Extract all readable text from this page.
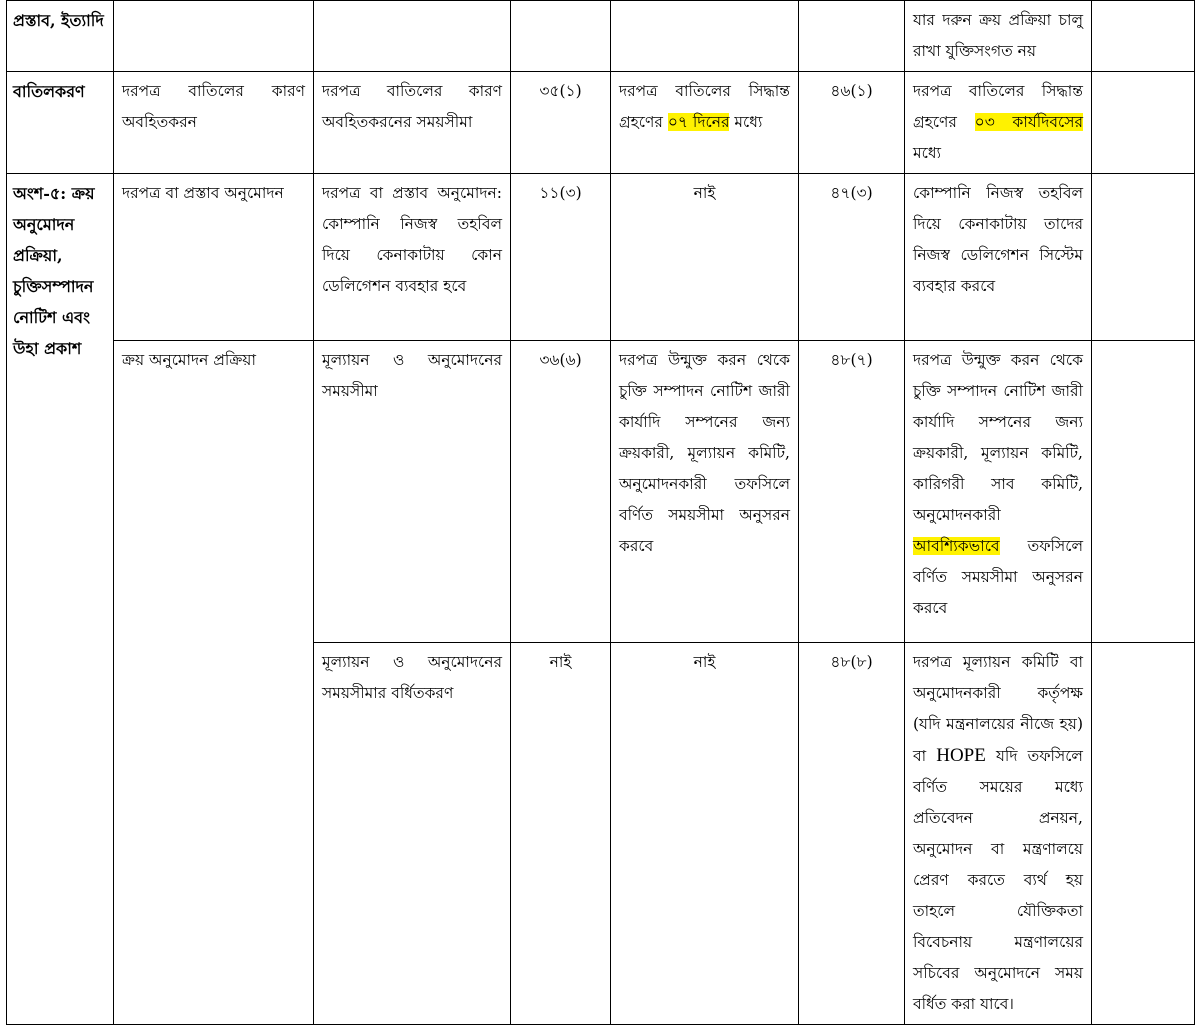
প্রস্তাব, ইত্যাদি						যার দরুন ক্রয় প্রক্রিয়া চালু রাখা যুক্তিসংগত নয়	
বাতিলকরণ	দরপত্র বাতিলের কারণ অবহিতকরন	দরপত্র বাতিলের কারণ অবহিতকরনের সময়সীমা	৩৫(১)	দরপত্র বাতিলের সিদ্ধান্ত গ্রহণের ০৭ দিনের মধ্যে	৪৬(১)	দরপত্র বাতিলের সিদ্ধান্ত গ্রহণের ০৩ কার্যদিবসের মধ্যে	
অংশ-৫: ক্রয় অনুমোদন প্রক্রিয়া, চুক্তিসম্পাদন নোটিশ এবং উহা প্রকাশ	দরপত্র বা প্রস্তাব অনুমোদন	দরপত্র বা প্রস্তাব অনুমোদন: কোম্পানি নিজস্ব তহবিল দিয়ে কেনাকাটায় কোন ডেলিগেশন ব্যবহার হবে	১১(৩)	নাই	৪৭(৩)	কোম্পানি নিজস্ব তহবিল দিয়ে কেনাকাটায় তাদের নিজস্ব ডেলিগেশন সিস্টেম ব্যবহার করবে	
	ক্রয় অনুমোদন প্রক্রিয়া	মূল্যায়ন ও অনুমোদনের সময়সীমা	৩৬(৬)	দরপত্র উন্মুক্ত করন থেকে চুক্তি সম্পাদন নোটিশ জারী কার্যাদি সম্পনের জন্য ক্রয়কারী, মূল্যায়ন কমিটি, অনুমোদনকারী তফসিলে বর্ণিত সময়সীমা অনুসরন করবে	৪৮(৭)	দরপত্র উন্মুক্ত করন থেকে চুক্তি সম্পাদন নোটিশ জারী কার্যাদি সম্পনের জন্য ক্রয়কারী, মূল্যায়ন কমিটি, কারিগরী সাব কমিটি, অনুমোদনকারী আবশ্যিকভাবে তফসিলে বর্ণিত সময়সীমা অনুসরন করবে	
		মূল্যায়ন ও অনুমোদনের সময়সীমার বর্ধিতকরণ	নাই	নাই	৪৮(৮)	দরপত্র মূল্যায়ন কমিটি বা অনুমোদনকারী কর্তৃপক্ষ (যদি মন্ত্রনালয়ের নীজে হয়) বা HOPE যদি তফসিলে বর্ণিত সময়ের মধ্যে প্রতিবেদন প্রনয়ন, অনুমোদন বা মন্ত্রণালয়ে প্রেরণ করতে ব্যর্থ হয় তাহলে যৌক্তিকতা বিবেচনায় মন্ত্রণালয়ের সচিবের অনুমোদনে সময় বর্ধিত করা যাবে।	
